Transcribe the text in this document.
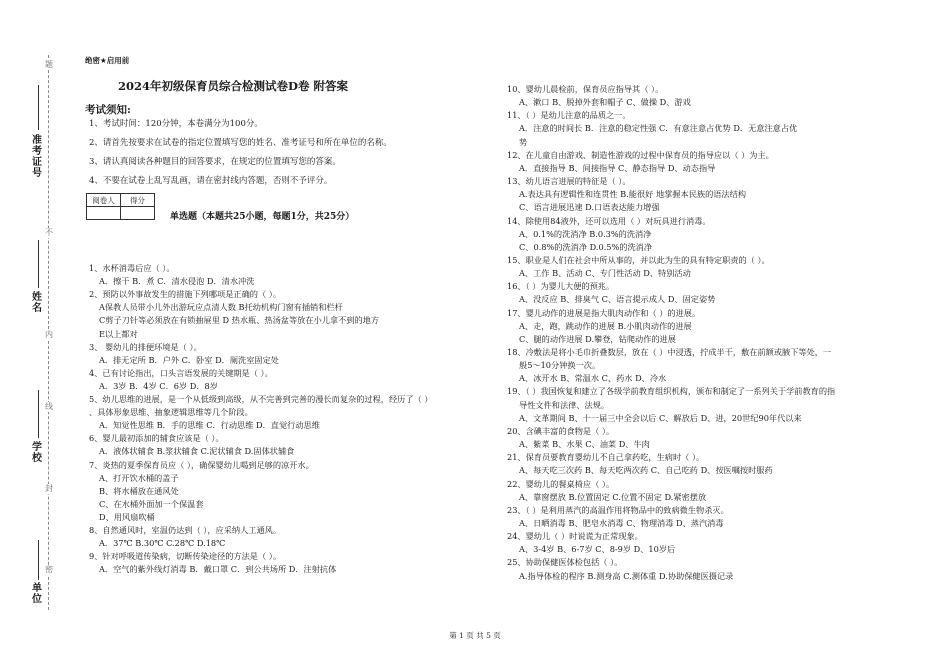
题
不
内
线
封
密
准考证号
姓名
学校
单位
绝密★启用前
2024年初级保育员综合检测试卷D卷 附答案
考试须知:
1、考试时间：120分钟，本卷满分为100分。
2、请首先按要求在试卷的指定位置填写您的姓名、准考证号和所在单位的名称。
3、请认真阅读各种题目的回答要求，在规定的位置填写您的答案。
4、不要在试卷上乱写乱画，请在密封线内答题，否则不予评分。
阅卷人	得分

单选题（本题共25小题，每题1分，共25分）
1、水杯消毒后应（ ）。
A．擦干 B．煮 C．清水侵泡 D．清水冲洗
2、预防以外事故发生的措施下列哪项是正确的（ ）。
A保教人员带小儿外出游玩应点清人数 B托幼机构门窗有插销和栏杆
C剪子刀针等必须放在有锁抽屉里 D 热水瓶、热汤盆等放在小儿拿不到的地方
E以上都对
3、 婴幼儿的排便环境是（ ）。
A．排无定所 B．户外 C．卧室 D．厕洗室固定处
4、已有讨论指出，口头言语发展的关键期是（ ）。
A．3岁 B．4岁 C．6岁 D．8岁
5、幼儿思维的进展，是一个从低级到高级，从不完善到完善的漫长而复杂的过程，经历了（ ）
、具体形象思维、抽象逻辑思维等几个阶段。
A．知觉性思维 B．手的思维 C．行动思维 D．直觉行动思维
6、婴儿最初添加的辅食应该是（ ）。
A．液体状辅食 B.浆状辅食 C.泥状辅食 D.固体状辅食
7、炎热的夏季保育员应（ ），确保婴幼儿喝到足够的凉开水。
A、打开饮水桶的盖子
B、将水桶放在通风处
C、在水桶外面加一个保温套
D、用风扇吹桶
8、自然通风时，室温仍达到（ ），应采纳人工通风。
A．37℃ B.30℃ C.28℃ D.18℃
9、针对呼吸道传染病，切断传染途径的方法是（ ）。
A．空气的紫外线灯消毒 B．戴口罩 C．到公共场所 D．注射抗体
10、婴幼儿晨检前，保育员应指导其（ ）。
A、漱口 B、脱掉外套和帽子 C、做操 D、游戏
11、（ ）是幼儿注意的品质之一。
A．注意的时间长 B．注意的稳定性强 C．有意注意占优势 D．无意注意占优
势
12、在儿童自由游戏、制造性游戏的过程中保育员的指导应以（ ）为主。
A．直接指导 B、间接指导 C、静态指导 D、动态指导
13、幼儿语言进展的特征是（ ）。
A.表达具有逻辑性和连贯性 B.能很好 地掌握本民族的语法结构
C、语言进展迅速 D.口语表达能力增强
14、除使用84液外，还可以选用（ ）对玩具进行消毒。
A、0.1%的洗消净 B.0.3%的洗消净
C、0.8%的洗消净 D.0.5%的洗消净
15、职业是人们在社会中所从事的，并以此为生的具有特定职责的（ ）。
A、工作 B、活动 C、专门性活动 D、特别活动
16、（ ）为婴儿大便的预兆。
A、没反应 B、排臭气 C、语言提示成人 D、固定姿势
17、婴儿动作的进展是指大肌肉动作和（ ）的进展。
A、走，跑，跳动作的进展 B.小肌肉动作的进展
C、腿的动作进展 D.攀登，钻爬动作的进展
18、冷敷法是将小毛巾折叠数层，放在（ ）中浸透，拧成半干，敷在前额或腋下等处，一
般5～10分钟换一次。
A、冰开水 B、常温水 C、药水 D、冷水
19、（ ）我国恢复和建立了各级学前教育组织机构，颁布和制定了一系列关于学前教育的指
导性文件和法律、法规。
A、文革期间 B、十一届三中全会以后 C、解放后 D、进，20世纪90年代以来
20、含碘丰富的食物是（ ）。
A、紫菜 B、水果 C、油菜 D、牛肉
21、保育员要教育婴幼儿不自己拿药吃，生病时（ ）。
A、每天吃三次药 B、每天吃两次药 C、自己吃药 D、按医嘱按时服药
22、婴幼儿的餐桌椅应（ ）。
A、靠窗摆放 B.位置固定 C.位置不固定 D.紧密摆放
23、（ ）是利用蒸汽的高温作用将物品中的致病微生物杀灭。
A、日晒消毒 B、肥皂水消毒 C、物理消毒 D、蒸汽消毒
24、婴幼儿（ ）时说谎为正常现象。
A、3-4岁 B、6-7岁 C、8-9岁 D、10岁后
25、协助保健医体检包括（ ）。
A.指导体检的程序 B.测身高 C.测体重 D.协助保健医摄记录
第 1 页 共 5 页
